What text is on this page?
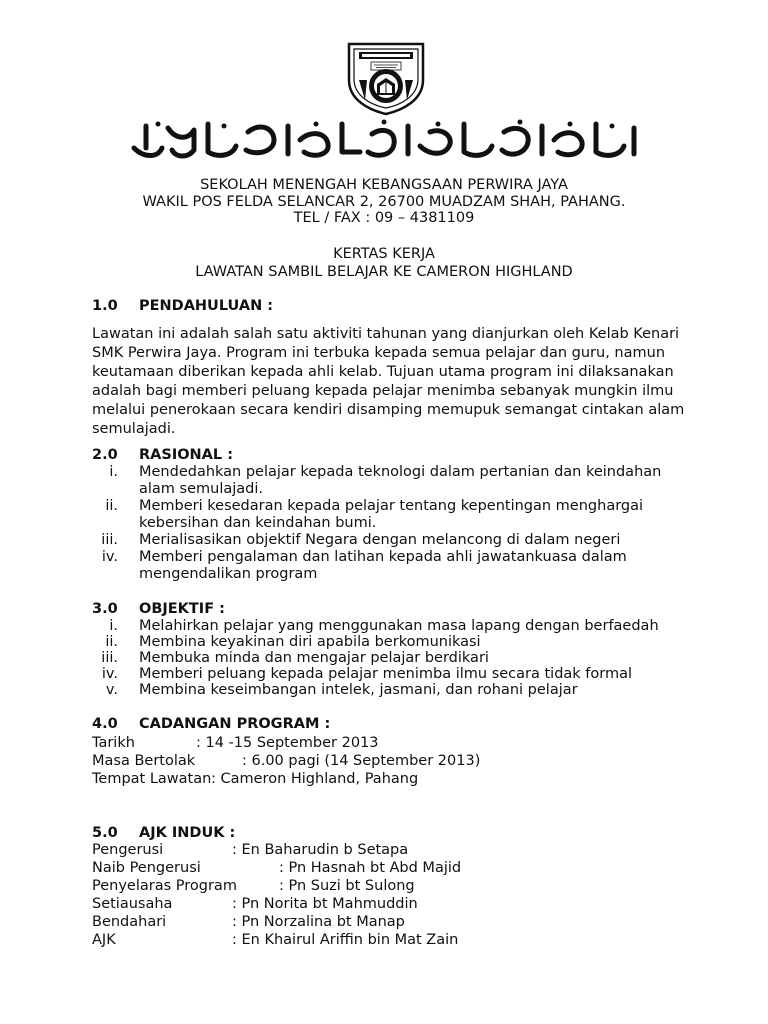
SEKOLAH MENENGAH KEBANGSAAN PERWIRA JAYA
WAKIL POS FELDA SELANCAR 2, 26700 MUADZAM SHAH, PAHANG.
TEL / FAX : 09 – 4381109
KERTAS KERJA
LAWATAN SAMBIL BELAJAR KE CAMERON HIGHLAND
1.0 PENDAHULUAN :
Lawatan ini adalah salah satu aktiviti tahunan yang dianjurkan oleh Kelab Kenari
SMK Perwira Jaya. Program ini terbuka kepada semua pelajar dan guru, namun
keutamaan diberikan kepada ahli kelab. Tujuan utama program ini dilaksanakan
adalah bagi memberi peluang kepada pelajar menimba sebanyak mungkin ilmu
melalui penerokaan secara kendiri disamping memupuk semangat cintakan alam
semulajadi.
2.0 RASIONAL :
i. Mendedahkan pelajar kepada teknologi dalam pertanian dan keindahan
alam semulajadi.
ii. Memberi kesedaran kepada pelajar tentang kepentingan menghargai
kebersihan dan keindahan bumi.
iii. Merialisasikan objektif Negara dengan melancong di dalam negeri
iv. Memberi pengalaman dan latihan kepada ahli jawatankuasa dalam
mengendalikan program
3.0 OBJEKTIF :
i. Melahirkan pelajar yang menggunakan masa lapang dengan berfaedah
ii. Membina keyakinan diri apabila berkomunikasi
iii. Membuka minda dan mengajar pelajar berdikari
iv. Memberi peluang kepada pelajar menimba ilmu secara tidak formal
v. Membina keseimbangan intelek, jasmani, dan rohani pelajar
4.0 CADANGAN PROGRAM :
Tarikh	: 14 -15 September 2013
Masa Bertolak	: 6.00 pagi (14 September 2013)
Tempat Lawatan : Cameron Highland, Pahang
5.0 AJK INDUK :
Pengerusi	: En Baharudin b Setapa
Naib Pengerusi	: Pn Hasnah bt Abd Majid
Penyelaras Program	: Pn Suzi bt Sulong
Setiausaha	: Pn Norita bt Mahmuddin
Bendahari	: Pn Norzalina bt Manap
AJK	: En Khairul Ariffin bin Mat Zain
